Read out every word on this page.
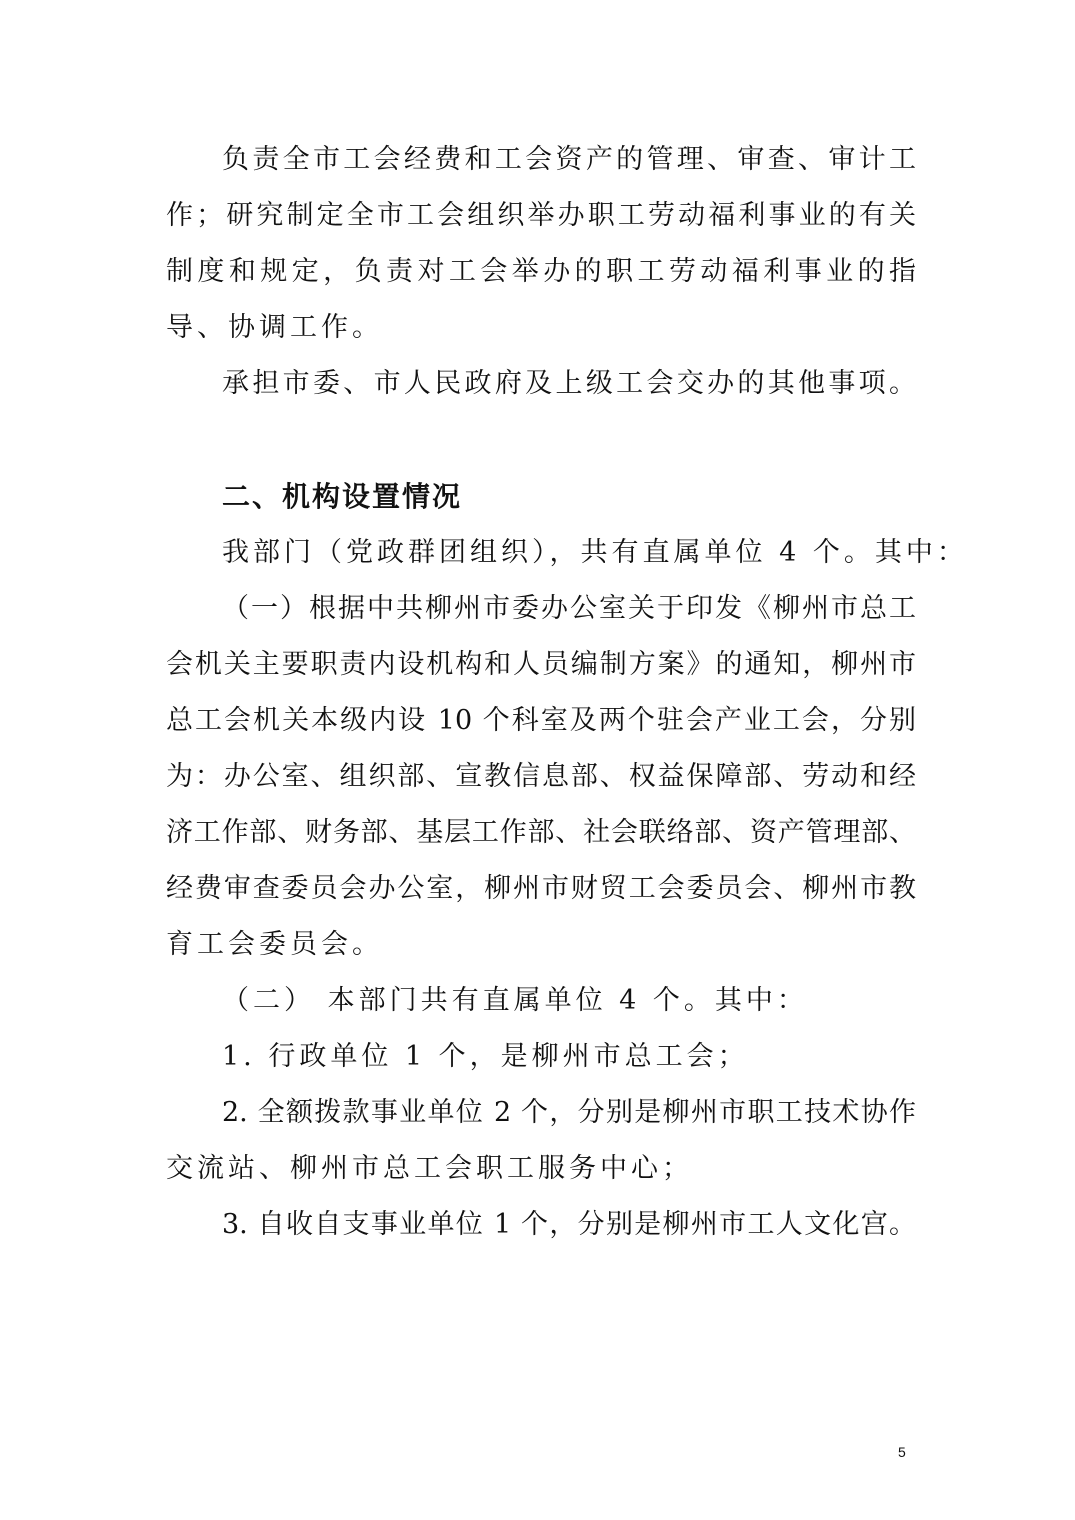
负责全市工会经费和工会资产的管理、审查、审计工
作；研究制定全市工会组织举办职工劳动福利事业的有关
制度和规定，负责对工会举办的职工劳动福利事业的指
导、协调工作。
承担市委、市人民政府及上级工会交办的其他事项。
二、机构设置情况
我部门（党政群团组织），共有直属单位 4 个。其中：
（一）根据中共柳州市委办公室关于印发《柳州市总工
会机关主要职责内设机构和人员编制方案》的通知，柳州市
总工会机关本级内设 10 个科室及两个驻会产业工会，分别
为：办公室、组织部、宣教信息部、权益保障部、劳动和经
济工作部、财务部、基层工作部、社会联络部、资产管理部、
经费审查委员会办公室，柳州市财贸工会委员会、柳州市教
育工会委员会。
（二） 本部门共有直属单位 4 个。其中：
1. 行政单位 1 个，是柳州市总工会；
2. 全额拨款事业单位 2 个，分别是柳州市职工技术协作
交流站、柳州市总工会职工服务中心；
3. 自收自支事业单位 1 个，分别是柳州市工人文化宫。
5
